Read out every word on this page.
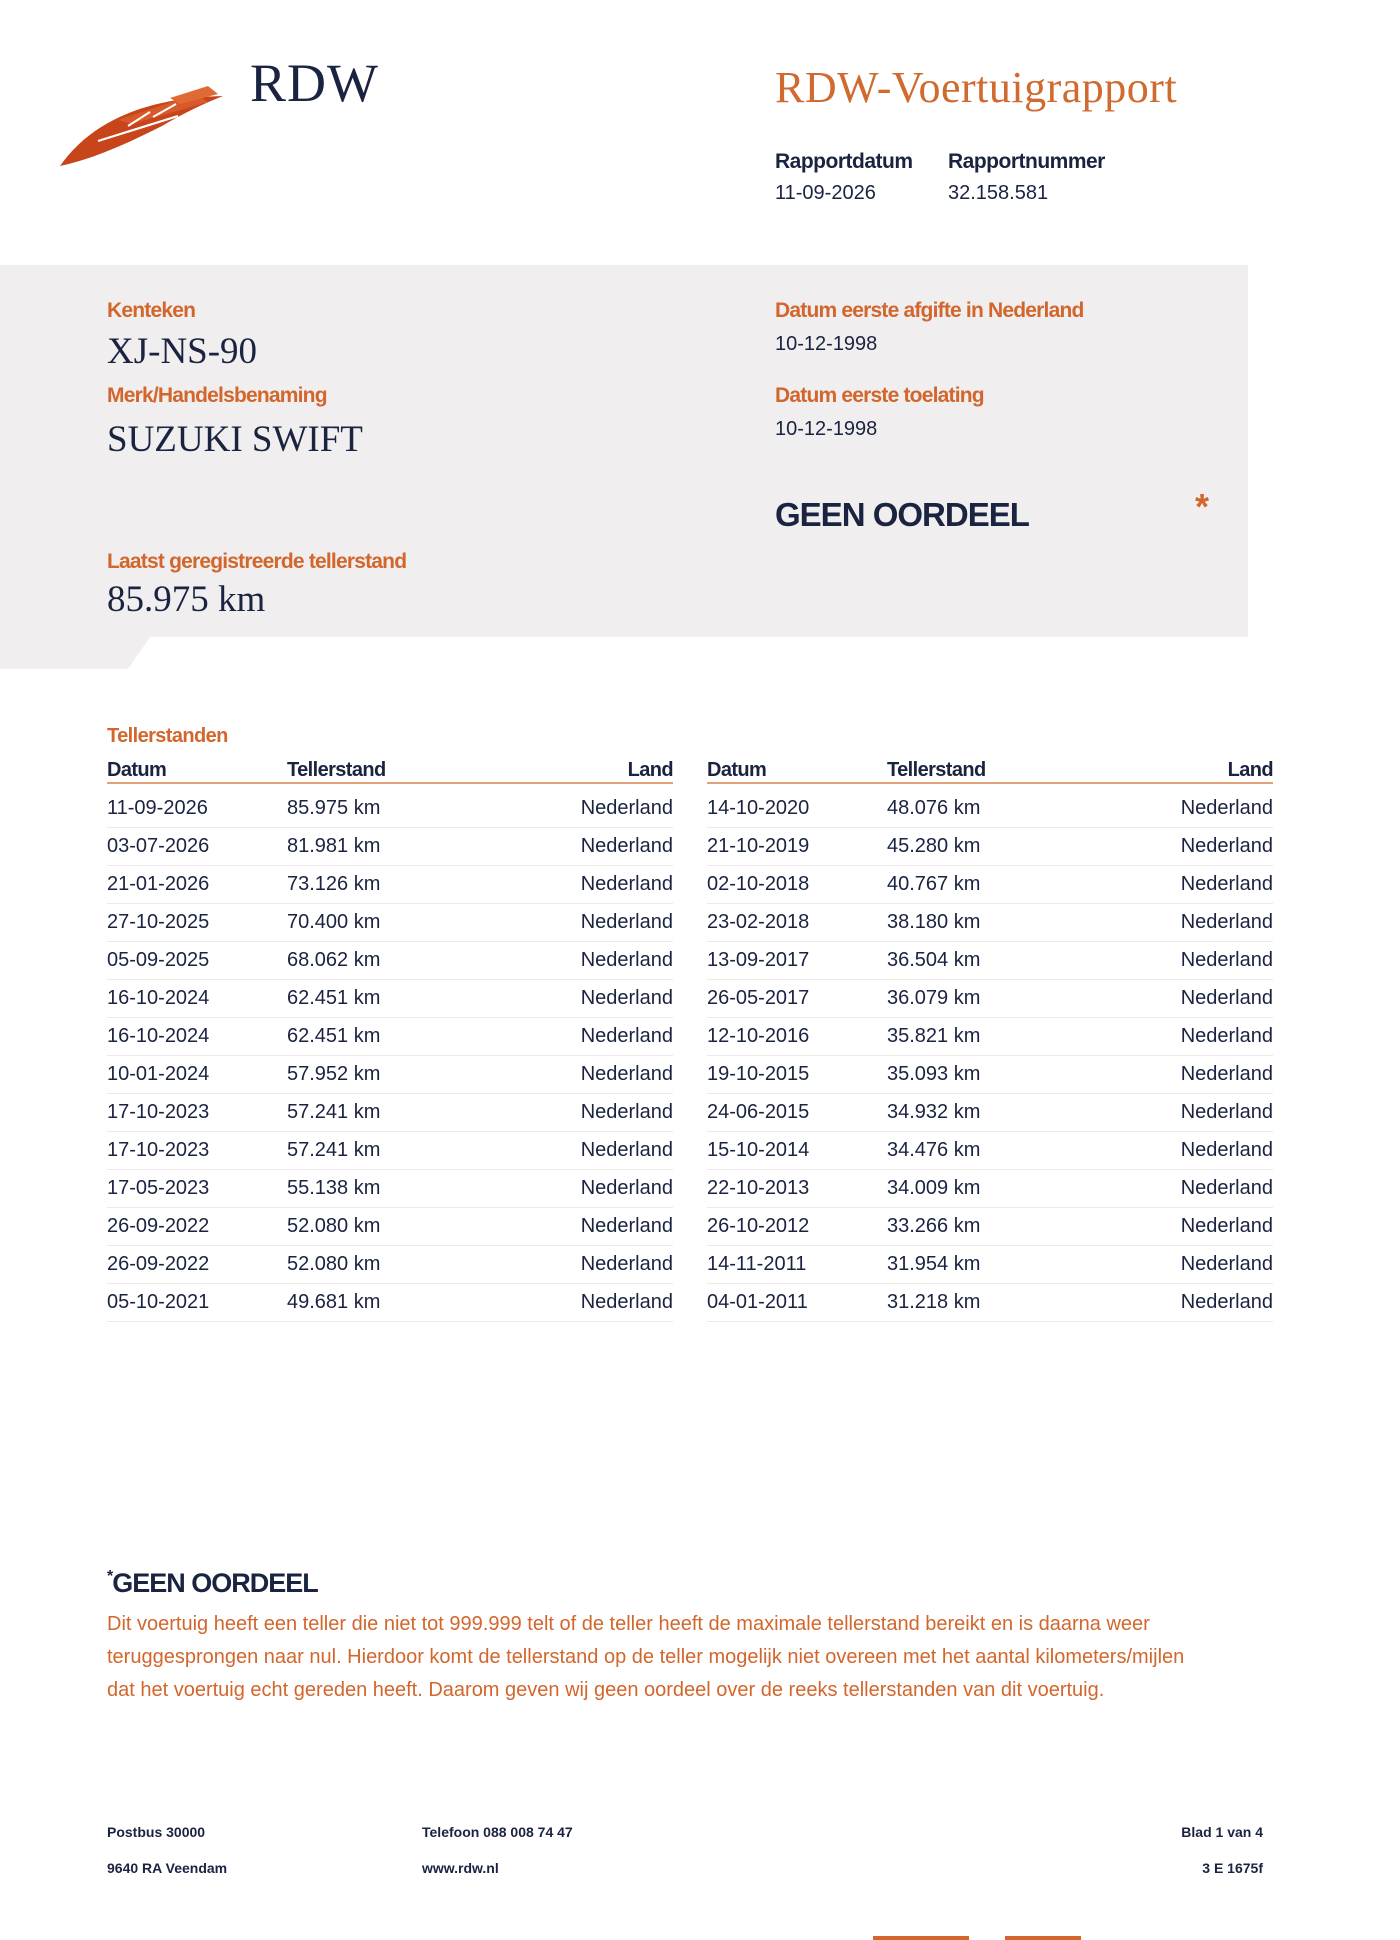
RDW	RDW-Voertuigrapport
Rapportdatum
11-09-2026
Rapportnummer
32.158.581
Kenteken
XJ-NS-90
Merk/Handelsbenaming
SUZUKI SWIFT
Laatst geregistreerde tellerstand
85.975 km
Datum eerste afgifte in Nederland
10-12-1998
Datum eerste toelating
10-12-1998
GEEN OORDEEL	*
Tellerstanden
Datum	Tellerstand	Land

11-09-2026	85.975 km	Nederland
03-07-2026	81.981 km	Nederland
21-01-2026	73.126 km	Nederland
27-10-2025	70.400 km	Nederland
05-09-2025	68.062 km	Nederland
16-10-2024	62.451 km	Nederland
16-10-2024	62.451 km	Nederland
10-01-2024	57.952 km	Nederland
17-10-2023	57.241 km	Nederland
17-10-2023	57.241 km	Nederland
17-05-2023	55.138 km	Nederland
26-09-2022	52.080 km	Nederland
26-09-2022	52.080 km	Nederland
05-10-2021	49.681 km	Nederland
Datum	Tellerstand	Land

14-10-2020	48.076 km	Nederland
21-10-2019	45.280 km	Nederland
02-10-2018	40.767 km	Nederland
23-02-2018	38.180 km	Nederland
13-09-2017	36.504 km	Nederland
26-05-2017	36.079 km	Nederland
12-10-2016	35.821 km	Nederland
19-10-2015	35.093 km	Nederland
24-06-2015	34.932 km	Nederland
15-10-2014	34.476 km	Nederland
22-10-2013	34.009 km	Nederland
26-10-2012	33.266 km	Nederland
14-11-2011	31.954 km	Nederland
04-01-2011	31.218 km	Nederland
*GEEN OORDEEL
Dit voertuig heeft een teller die niet tot 999.999 telt of de teller heeft de maximale tellerstand bereikt en is daarna weer teruggesprongen naar nul. Hierdoor komt de tellerstand op de teller mogelijk niet overeen met het aantal kilometers/mijlen dat het voertuig echt gereden heeft. Daarom geven wij geen oordeel over de reeks tellerstanden van dit voertuig.
Postbus 30000
9640 RA Veendam
Telefoon 088 008 74 47
www.rdw.nl
Blad 1 van 4
3 E 1675f
